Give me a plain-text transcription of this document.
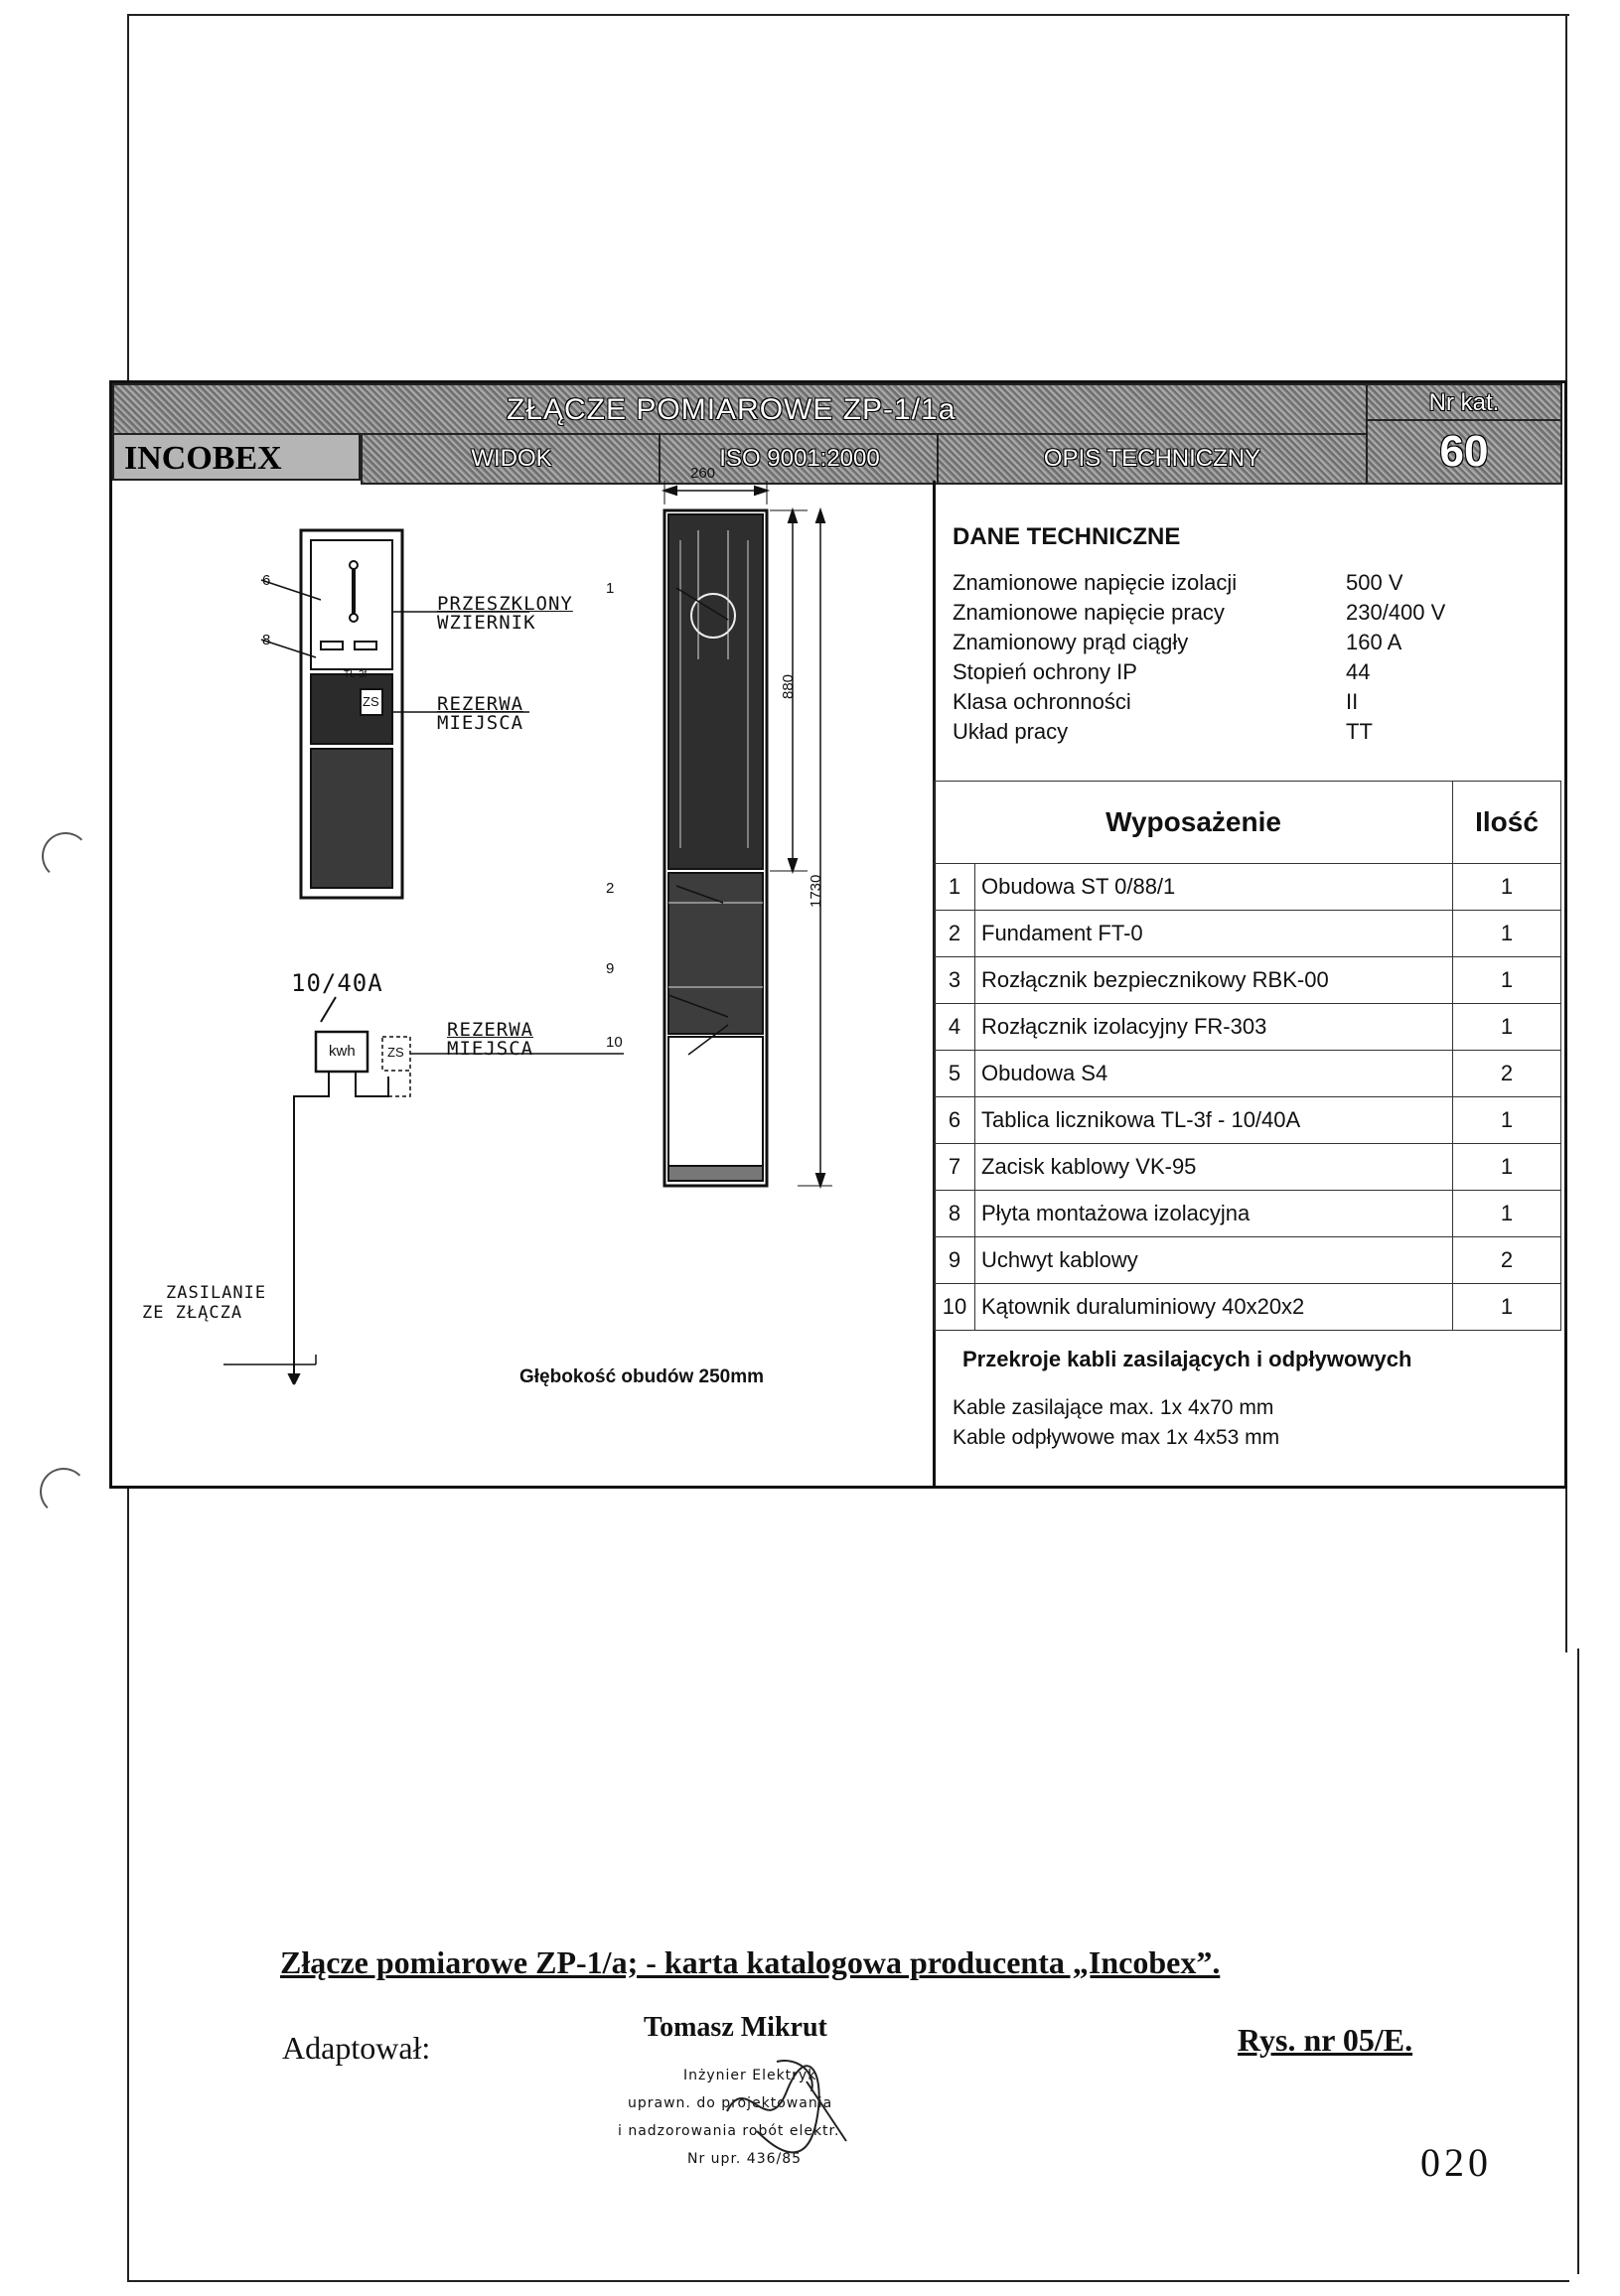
ZŁĄCZE POMIAROWE ZP-1/1a	Nr kat.
INCOBEX	WIDOK	ISO 9001:2000	OPIS TECHNICZNY	60
6
8
1
2
9
10
260
880
1730
TL-3f
ZS
PRZESZKLONY
WZIERNIK
REZERWA
MIEJSCA
10/40A
kwh ZS
REZERWA
MIEJSCA
ZASILANIE
ZE ZŁĄCZA
Głębokość obudów 250mm
DANE TECHNICZNE
Znamionowe napięcie izolacji	500 V
Znamionowe napięcie pracy	230/400 V
Znamionowy prąd ciągły	160 A
Stopień ochrony IP	44
Klasa ochronności	II
Układ pracy	TT
Wyposażenie		Ilość
1	Obudowa ST 0/88/1	1
2	Fundament FT-0	1
3	Rozłącznik bezpiecznikowy RBK-00	1
4	Rozłącznik izolacyjny FR-303	1
5	Obudowa S4	2
6	Tablica licznikowa TL-3f - 10/40A	1
7	Zacisk kablowy VK-95	1
8	Płyta montażowa izolacyjna	1
9	Uchwyt kablowy	2
10	Kątownik duraluminiowy 40x20x2	1
Przekroje kabli zasilających i odpływowych
Kable zasilające max. 1x 4x70 mm
Kable odpływowe max 1x 4x53 mm
Złącze pomiarowe ZP-1/a; - karta katalogowa producenta „Incobex”.
Adaptował:	Rys. nr 05/E.
Tomasz Mikrut
Inżynier Elektryk
uprawn. do projektowania
i nadzorowania robót elektr.
Nr upr. 436/85	020
